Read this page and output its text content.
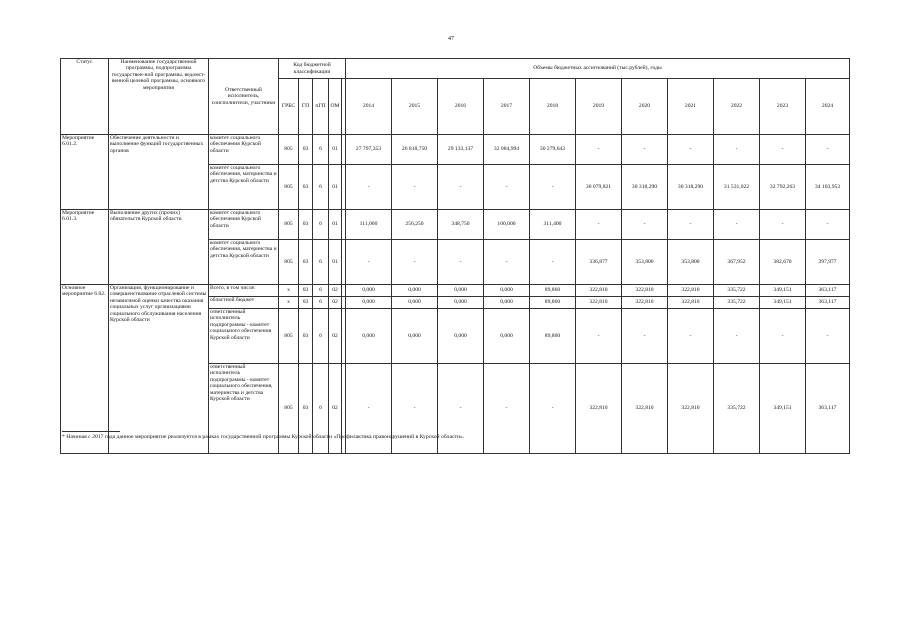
47
Статус	Наименование государственной программы, подпрограммы государствен-ной программы, ведомст-венной целевой программы, основного мероприятия	Ответственный исполнитель, соисполнители, участники	Код бюджетной классификации					Объемы бюджетных ассигнований (тыс.рублей), годы										
			ГРБС	ГП	пГП	ОМ		2014	2015	2016	2017	2018	2019	2020	2021	2022	2023	2024
Мероприятие 6.01.2.	Обеспечение деятельности и выполнение функций государственных органов	комитет социального обеспечения Курской области	805	03	6	01		27 797,353	26 818,750	29 133,137	32 084,994	30 279,643	-	-	-	-	-	-
		комитет социального обеспечения, материнства и детства Курской области	805	03	6	01		-	-	-	-	-	30 079,821	30 318,290	30 318,290	31 531,022	32 792,263	34 103,953
Мероприятие 6.01.3.	Выполнение других (прочих) обязательств Курской области	комитет социального обеспечения Курской области	805	03	6	01		111,000	256,250	348,750	100,000	311,400	-	-	-	-	-	-
		комитет социального обеспечения, материнства и детства Курской области	805	03	6	01		-	-	-	-	-	336,877	353,800	353,800	367,952	382,670	397,977
Основное мероприятие 6.02.	Организация, функционирование и совершенствование отраслевой системы независимой оценки качества оказания социальных услуг организациями социального обслуживания населения Курской области	Всего, в том числе:	х	03	6	02		0,000	0,000	0,000	0,000	89,860	322,810	322,810	322,810	335,722	349,151	363,117
		областной бюджет	х	03	6	02		0,000	0,000	0,000	0,000	89,860	322,810	322,810	322,810	335,722	349,151	363,117
		ответственный исполнитель подпрограммы - комитет социального обеспечения Курской области	805	03	6	02		0,000	0,000	0,000	0,000	89,860	-	-	-	-	-	-
		ответственный исполнитель подпрограммы - комитет социального обеспечения, материнства и детства Курской области	805	03	6	02		-	-	-	-	-	322,810	322,810	322,810	335,722	349,151	363,117
* Начиная с 2017 года данное мероприятие реализуется в рамках государственной программы Курской области «Профилактика правонарушений в Курской области».
